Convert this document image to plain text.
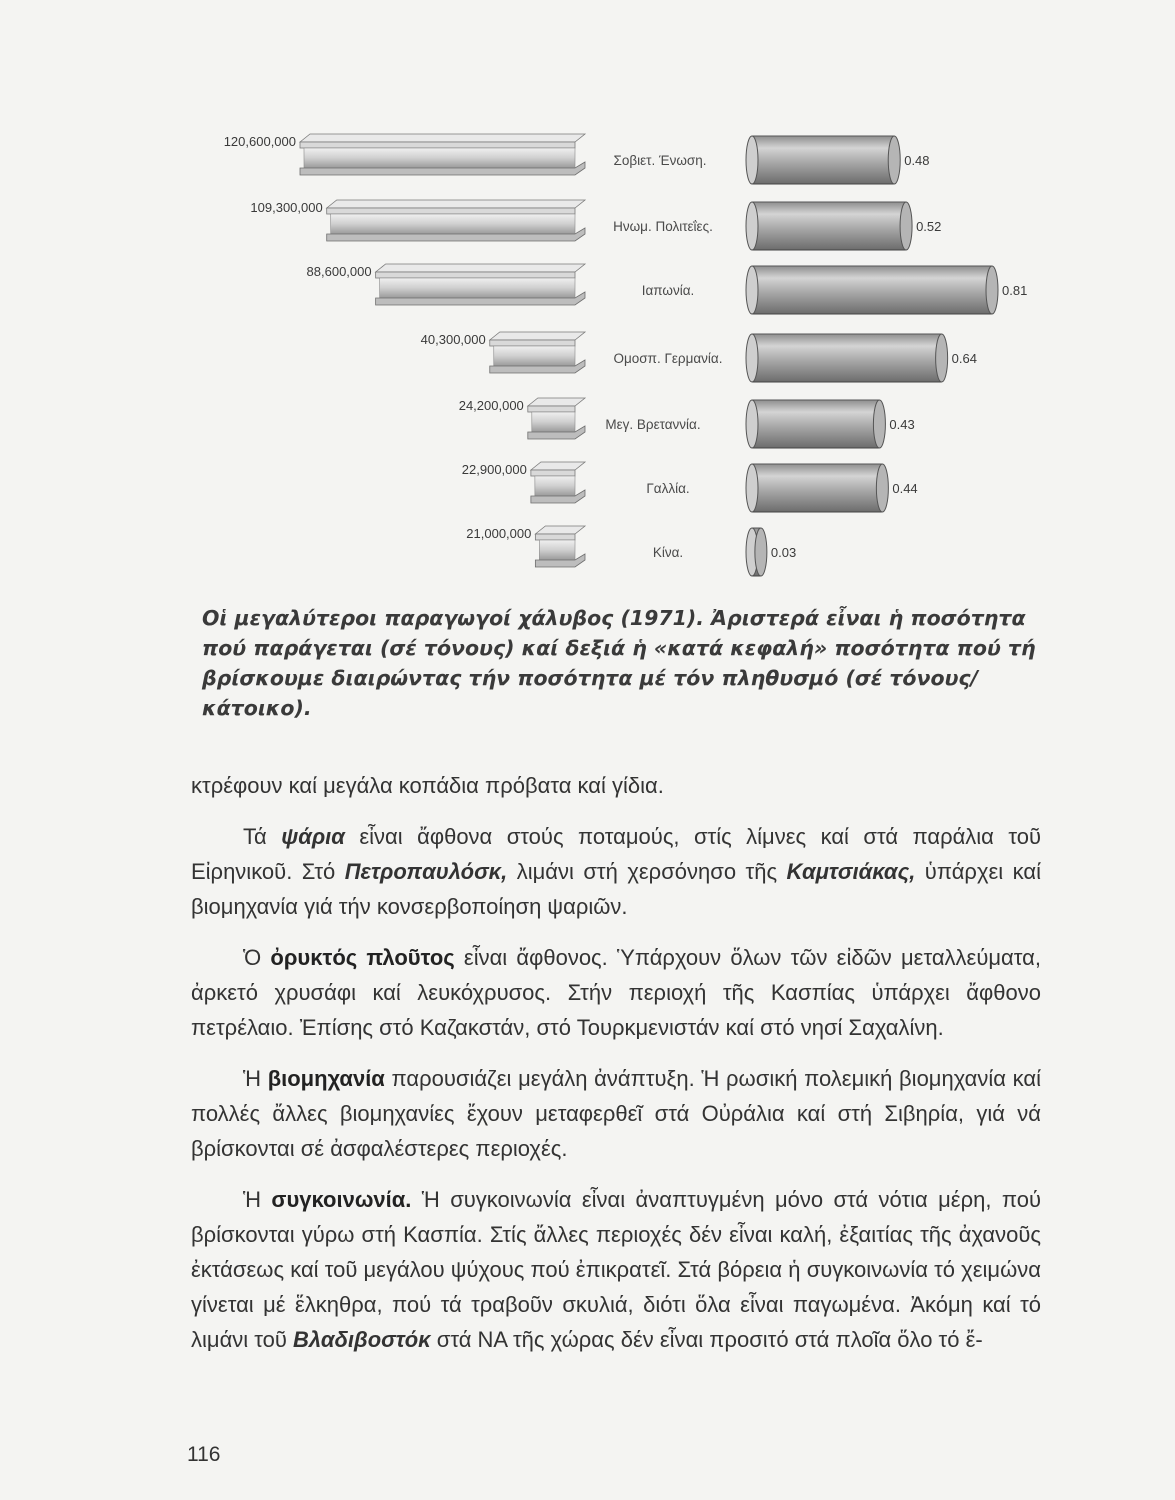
120,600,000
109,300,000
88,600,000
40,300,000
24,200,000
22,900,000
21,000,000
Σοβιετ. Ένωση.
Ηνωμ. Πολιτεΐες.
Ιαπωνία.
Ομοσπ. Γερμανία.
Μεγ. Βρεταννία.
Γαλλία.
Κίνα.
0.48
0.52
0.81
0.64
0.43
0.44
0.03

Οἱ μεγαλύτεροι παραγωγοί χάλυβος (1971). Ἀριστερά εἶναι ἡ ποσότητα πού παράγεται (σέ τόνους) καί δεξιά ἡ «κατά κεφαλή» ποσότητα πού τή βρίσκουμε διαιρώντας τήν ποσότητα μέ τόν πληθυσμό (σέ τόνους/κάτοικο).

κτρέφουν καί μεγάλα κοπάδια πρόβατα καί γίδια.

Τά ψάρια εἶναι ἄφθονα στούς ποταμούς, στίς λίμνες καί στά παράλια τοῦ Εἰρηνικοῦ. Στό Πετροπαυλόσκ, λιμάνι στή χερσόνησο τῆς Καμτσιάκας, ὑπάρχει καί βιομηχανία γιά τήν κονσερβοποίηση ψαριῶν.

Ὁ ὀρυκτός πλοῦτος εἶναι ἄφθονος. Ὑπάρχουν ὅλων τῶν εἰδῶν μεταλλεύματα, ἀρκετό χρυσάφι καί λευκόχρυσος. Στήν περιοχή τῆς Κασπίας ὑπάρχει ἄφθονο πετρέλαιο. Ἐπίσης στό Καζακστάν, στό Τουρκμενιστάν καί στό νησί Σαχαλίνη.

Ἡ βιομηχανία παρουσιάζει μεγάλη ἀνάπτυξη. Ἡ ρωσική πολεμική βιομηχανία καί πολλές ἄλλες βιομηχανίες ἔχουν μεταφερθεῖ στά Οὐράλια καί στή Σιβηρία, γιά νά βρίσκονται σέ ἀσφαλέστερες περιοχές.

Ἡ συγκοινωνία. Ἡ συγκοινωνία εἶναι ἀναπτυγμένη μόνο στά νότια μέρη, πού βρίσκονται γύρω στή Κασπία. Στίς ἄλλες περιοχές δέν εἶναι καλή, ἐξαιτίας τῆς ἀχανοῦς ἐκτάσεως καί τοῦ μεγάλου ψύχους πού ἐπικρατεῖ. Στά βόρεια ἡ συγκοινωνία τό χειμώνα γίνεται μέ ἕλκηθρα, πού τά τραβοῦν σκυλιά, διότι ὅλα εἶναι παγωμένα. Ἀκόμη καί τό λιμάνι τοῦ Βλαδιβοστόκ στά ΝΑ τῆς χώρας δέν εἶναι προσιτό στά πλοῖα ὅλο τό ἔ-

116
